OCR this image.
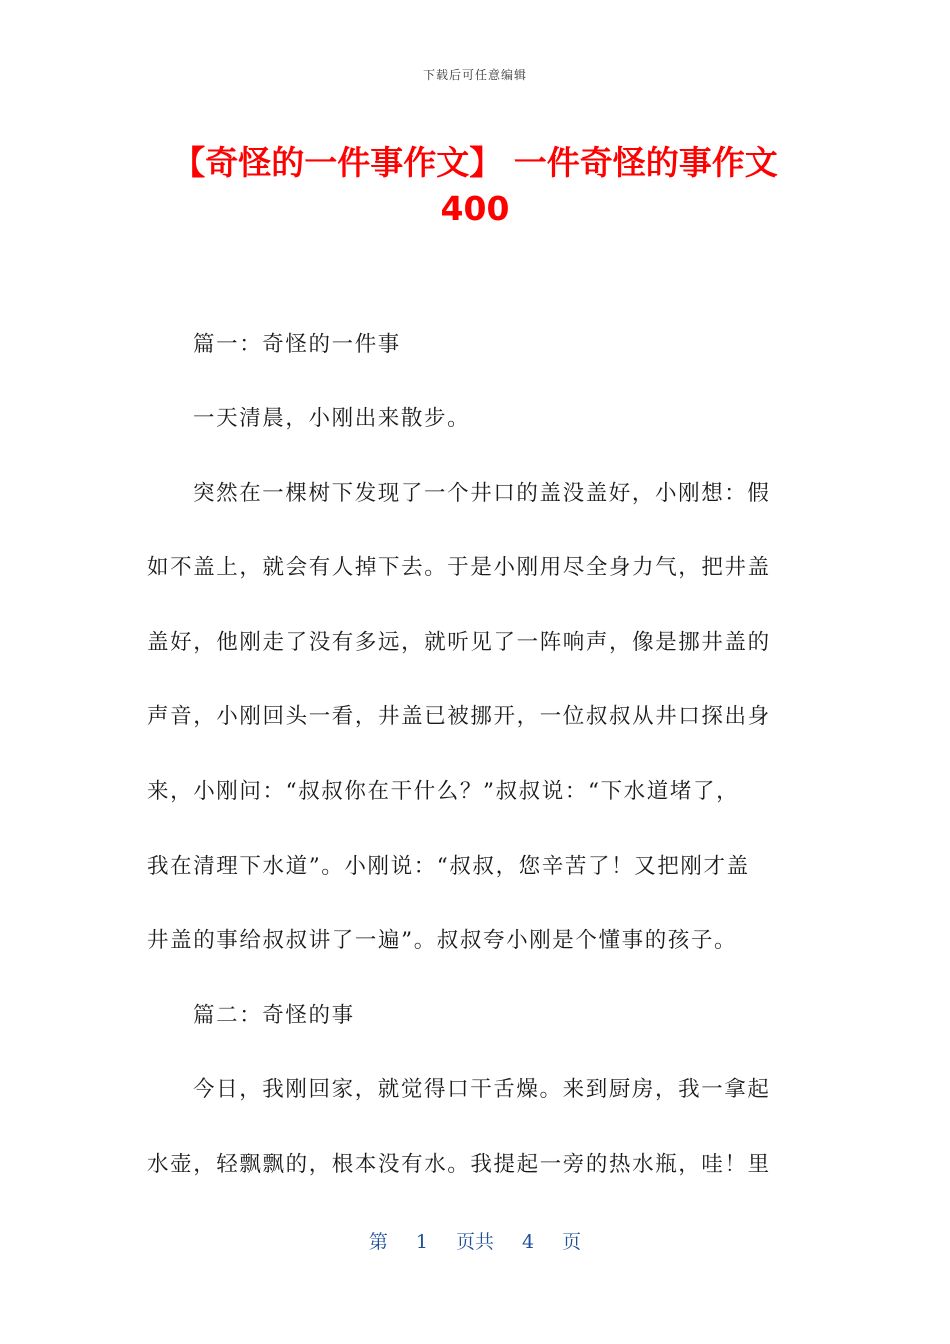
下载后可任意编辑
【奇怪的一件事作文】 一件奇怪的事作文
400
篇一：奇怪的一件事
一天清晨，小刚出来散步。
突然在一棵树下发现了一个井口的盖没盖好，小刚想：假
如不盖上，就会有人掉下去。于是小刚用尽全身力气，把井盖
盖好，他刚走了没有多远，就听见了一阵响声，像是挪井盖的
声音，小刚回头一看，井盖已被挪开，一位叔叔从井口探出身
来，小刚问：“叔叔你在干什么？”叔叔说：“下水道堵了，
我在清理下水道”。小刚说：“叔叔，您辛苦了！又把刚才盖
井盖的事给叔叔讲了一遍”。叔叔夸小刚是个懂事的孩子。
篇二：奇怪的事
今日，我刚回家，就觉得口干舌燥。来到厨房，我一拿起
水壶，轻飘飘的，根本没有水。我提起一旁的热水瓶，哇！里
第 1 页共 4 页
